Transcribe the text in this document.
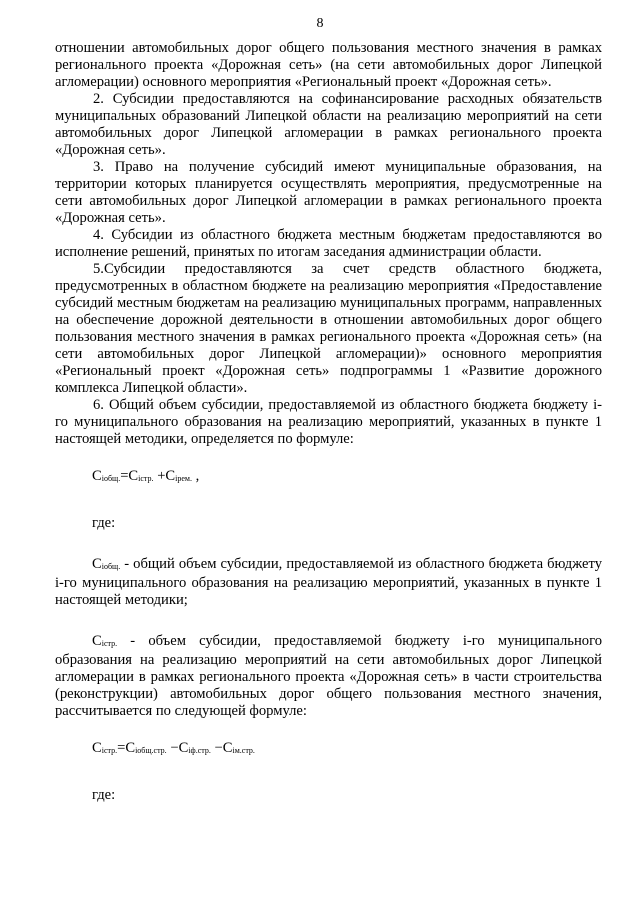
8

отношении автомобильных дорог общего пользования местного значения в рамках регионального проекта «Дорожная сеть» (на сети автомобильных дорог Липецкой агломерации) основного мероприятия «Региональный проект «Дорожная сеть».

2. Субсидии предоставляются на софинансирование расходных обязательств муниципальных образований Липецкой области на реализацию мероприятий на сети автомобильных дорог Липецкой агломерации в рамках регионального проекта «Дорожная сеть».

3. Право на получение субсидий имеют муниципальные образования, на территории которых планируется осуществлять мероприятия, предусмотренные на сети автомобильных дорог Липецкой агломерации в рамках регионального проекта «Дорожная сеть».

4. Субсидии из областного бюджета местным бюджетам предоставляются во исполнение решений, принятых по итогам заседания администрации области.

5.Субсидии предоставляются за счет средств областного бюджета, предусмотренных в областном бюджете на реализацию мероприятия «Предоставление субсидий местным бюджетам на реализацию муниципальных программ, направленных на обеспечение дорожной деятельности в отношении автомобильных дорог общего пользования местного значения в рамках регионального проекта «Дорожная сеть» (на сети автомобильных дорог Липецкой агломерации)» основного мероприятия «Региональный проект «Дорожная сеть» подпрограммы 1 «Развитие дорожного комплекса Липецкой области».

6. Общий объем субсидии, предоставляемой из областного бюджета бюджету i-го муниципального образования на реализацию мероприятий, указанных в пункте 1 настоящей методики, определяется по формуле:

$C_{iобщ.}=C_{iстр.} +C_{iрем.}$ ,

где:

$C_{iобщ.}$ - общий объем субсидии, предоставляемой из областного бюджета бюджету i-го муниципального образования на реализацию мероприятий, указанных в пункте 1 настоящей методики;

$C_{iстр.}$ - объем субсидии, предоставляемой бюджету i-го муниципального образования на реализацию мероприятий на сети автомобильных дорог Липецкой агломерации в рамках регионального проекта «Дорожная сеть» в части строительства (реконструкции) автомобильных дорог общего пользования местного значения, рассчитывается по следующей формуле:

$C_{iстр.}=C_{iобщ.стр.} -C_{iф.стр.} -C_{iм.стр.}$

где:
